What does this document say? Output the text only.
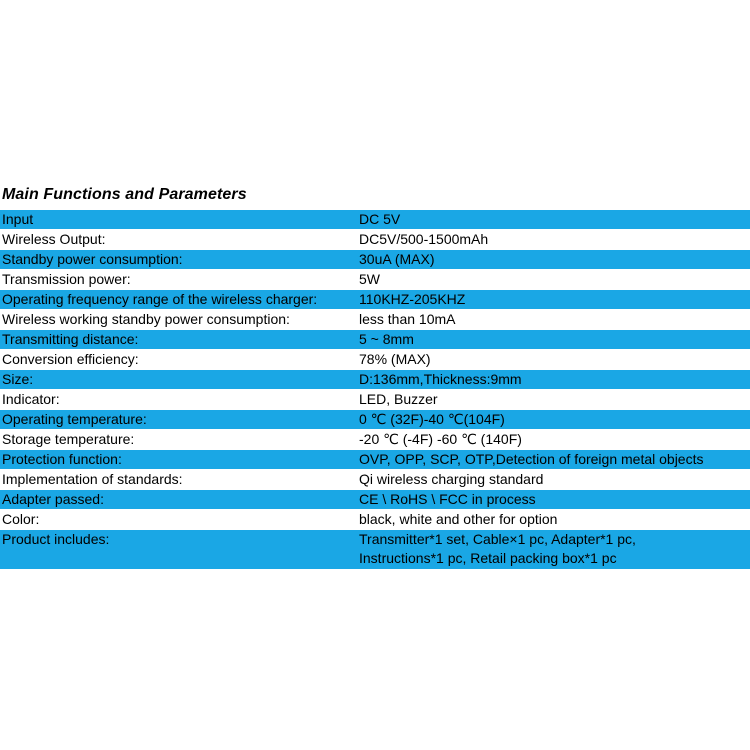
Main Functions and Parameters
Input	DC 5V
Wireless Output:	DC5V/500-1500mAh
Standby power consumption:	30uA (MAX)
Transmission power:	5W
Operating frequency range of the wireless charger:	110KHZ-205KHZ
Wireless working standby power consumption:	less than 10mA
Transmitting distance:	5 ~ 8mm
Conversion efficiency:	78% (MAX)
Size:	D:136mm,Thickness:9mm
Indicator:	LED, Buzzer
Operating temperature:	0 ℃ (32F)-40 ℃(104F)
Storage temperature:	-20 ℃ (-4F) -60 ℃ (140F)
Protection function:	OVP, OPP, SCP, OTP,Detection of foreign metal objects
Implementation of standards:	Qi wireless charging standard
Adapter passed:	CE \ RoHS \ FCC in process
Color:	black, white and other for option
Product includes:	Transmitter*1 set, Cable×1 pc, Adapter*1 pc,
Instructions*1 pc, Retail packing box*1 pc
